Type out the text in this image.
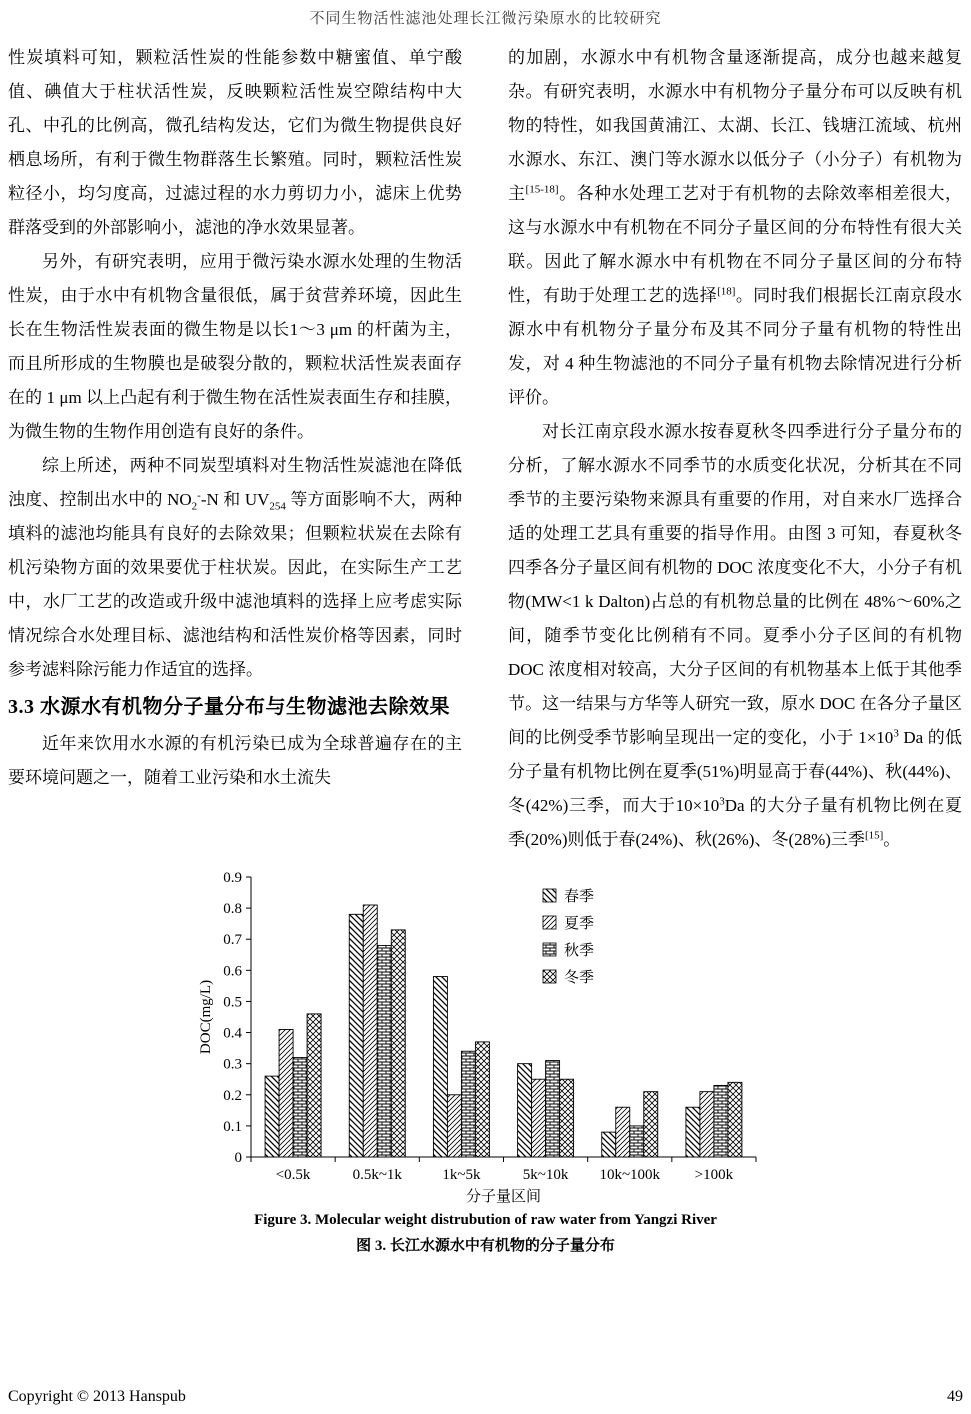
不同生物活性滤池处理长江微污染原水的比较研究

性炭填料可知，颗粒活性炭的性能参数中糖蜜值、单宁酸值、碘值大于柱状活性炭，反映颗粒活性炭空隙结构中大孔、中孔的比例高，微孔结构发达，它们为微生物提供良好栖息场所，有利于微生物群落生长繁殖。同时，颗粒活性炭粒径小，均匀度高，过滤过程的水力剪切力小，滤床上优势群落受到的外部影响小，滤池的净水效果显著。

另外，有研究表明，应用于微污染水源水处理的生物活性炭，由于水中有机物含量很低，属于贫营养环境，因此生长在生物活性炭表面的微生物是以长1～3 μm 的杆菌为主，而且所形成的生物膜也是破裂分散的，颗粒状活性炭表面存在的 1 μm 以上凸起有利于微生物在活性炭表面生存和挂膜，为微生物的生物作用创造有良好的条件。

综上所述，两种不同炭型填料对生物活性炭滤池在降低浊度、控制出水中的 $NO_2^--N$ 和 $UV_{254}$ 等方面影响不大，两种填料的滤池均能具有良好的去除效果；但颗粒状炭在去除有机污染物方面的效果要优于柱状炭。因此，在实际生产工艺中，水厂工艺的改造或升级中滤池填料的选择上应考虑实际情况综合水处理目标、滤池结构和活性炭价格等因素，同时参考滤料除污能力作适宜的选择。

3.3 水源水有机物分子量分布与生物滤池去除效果

近年来饮用水水源的有机污染已成为全球普遍存在的主要环境问题之一，随着工业污染和水土流失

的加剧，水源水中有机物含量逐渐提高，成分也越来越复杂。有研究表明，水源水中有机物分子量分布可以反映有机物的特性，如我国黄浦江、太湖、长江、钱塘江流域、杭州水源水、东江、澳门等水源水以低分子（小分子）有机物为主[15-18]。各种水处理工艺对于有机物的去除效率相差很大，这与水源水中有机物在不同分子量区间的分布特性有很大关联。因此了解水源水中有机物在不同分子量区间的分布特性，有助于处理工艺的选择[18]。同时我们根据长江南京段水源水中有机物分子量分布及其不同分子量有机物的特性出发，对 4 种生物滤池的不同分子量有机物去除情况进行分析评价。

对长江南京段水源水按春夏秋冬四季进行分子量分布的分析，了解水源水不同季节的水质变化状况，分析其在不同季节的主要污染物来源具有重要的作用，对自来水厂选择合适的处理工艺具有重要的指导作用。由图 3 可知，春夏秋冬四季各分子量区间有机物的 DOC 浓度变化不大，小分子有机物(MW<1 k Dalton)占总的有机物总量的比例在 48%～60%之间，随季节变化比例稍有不同。夏季小分子区间的有机物DOC 浓度相对较高，大分子区间的有机物基本上低于其他季节。这一结果与方华等人研究一致，原水 DOC 在各分子量区间的比例受季节影响呈现出一定的变化，小于 $1\times 10^3$ Da 的低分子量有机物比例在夏季(51%)明显高于春(44%)、秋(44%)、冬(42%)三季，而大于$10\times 10^3Da$ 的大分子量有机物比例在夏季(20%)则低于春(24%)、秋(26%)、冬(28%)三季[15]。

0
0.1
0.2
0.3
0.4
0.5
0.6
0.7
0.8
0.9
<0.5k	0.5k~1k	1k~5k	5k~10k 10k~100k >100k
分子量区间
DOC(mg/L)
春季
夏季
秋季
冬季
Figure 3. Molecular weight distrubution of raw water from Yangzi River
图 3. 长江水源水中有机物的分子量分布
Copyright © 2013 Hanspub	49
